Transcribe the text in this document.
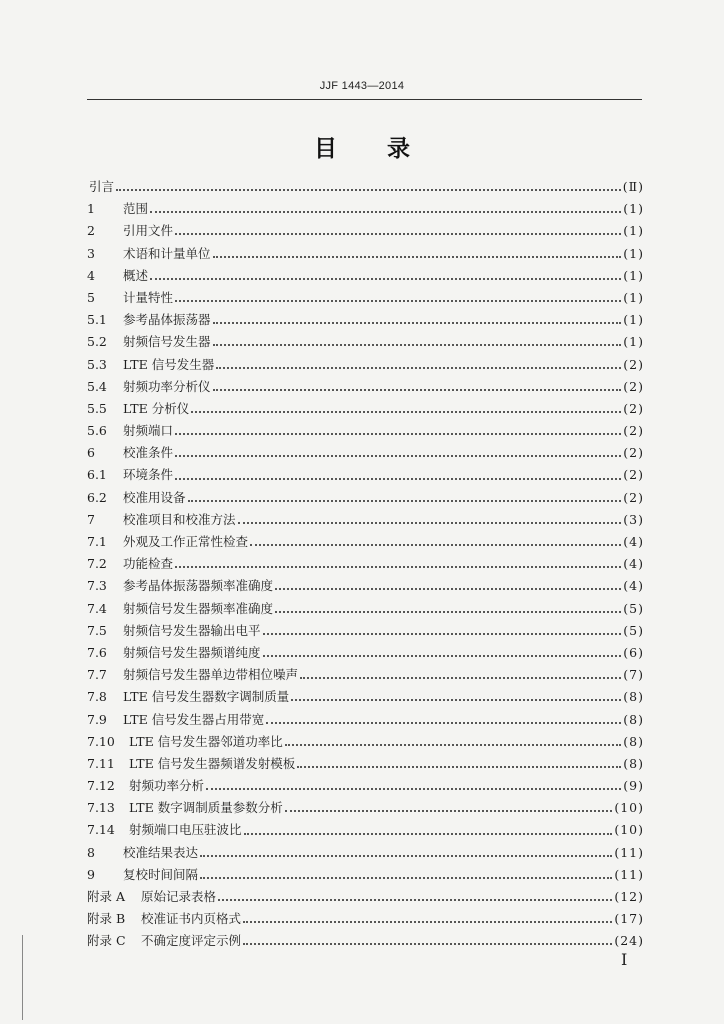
JJF 1443—2014
目录
引言	(Ⅱ)
1	范围	(1)
2	引用文件	(1)
3	术语和计量单位	(1)
4	概述	(1)
5	计量特性	(1)
5.1	参考晶体振荡器	(1)
5.2	射频信号发生器	(1)
5.3	LTE 信号发生器	(2)
5.4	射频功率分析仪	(2)
5.5	LTE 分析仪	(2)
5.6	射频端口	(2)
6	校准条件	(2)
6.1	环境条件	(2)
6.2	校准用设备	(2)
7	校准项目和校准方法	(3)
7.1	外观及工作正常性检查	(4)
7.2	功能检查	(4)
7.3	参考晶体振荡器频率准确度	(4)
7.4	射频信号发生器频率准确度	(5)
7.5	射频信号发生器输出电平	(5)
7.6	射频信号发生器频谱纯度	(6)
7.7	射频信号发生器单边带相位噪声	(7)
7.8	LTE 信号发生器数字调制质量	(8)
7.9	LTE 信号发生器占用带宽	(8)
7.10	LTE 信号发生器邻道功率比	(8)
7.11	LTE 信号发生器频谱发射模板	(8)
7.12	射频功率分析	(9)
7.13	LTE 数字调制质量参数分析	(10)
7.14	射频端口电压驻波比	(10)
8	校准结果表达	(11)
9	复校时间间隔	(11)
附录 A	原始记录表格	(12)
附录 B	校准证书内页格式	(17)
附录 C	不确定度评定示例	(24)
I
